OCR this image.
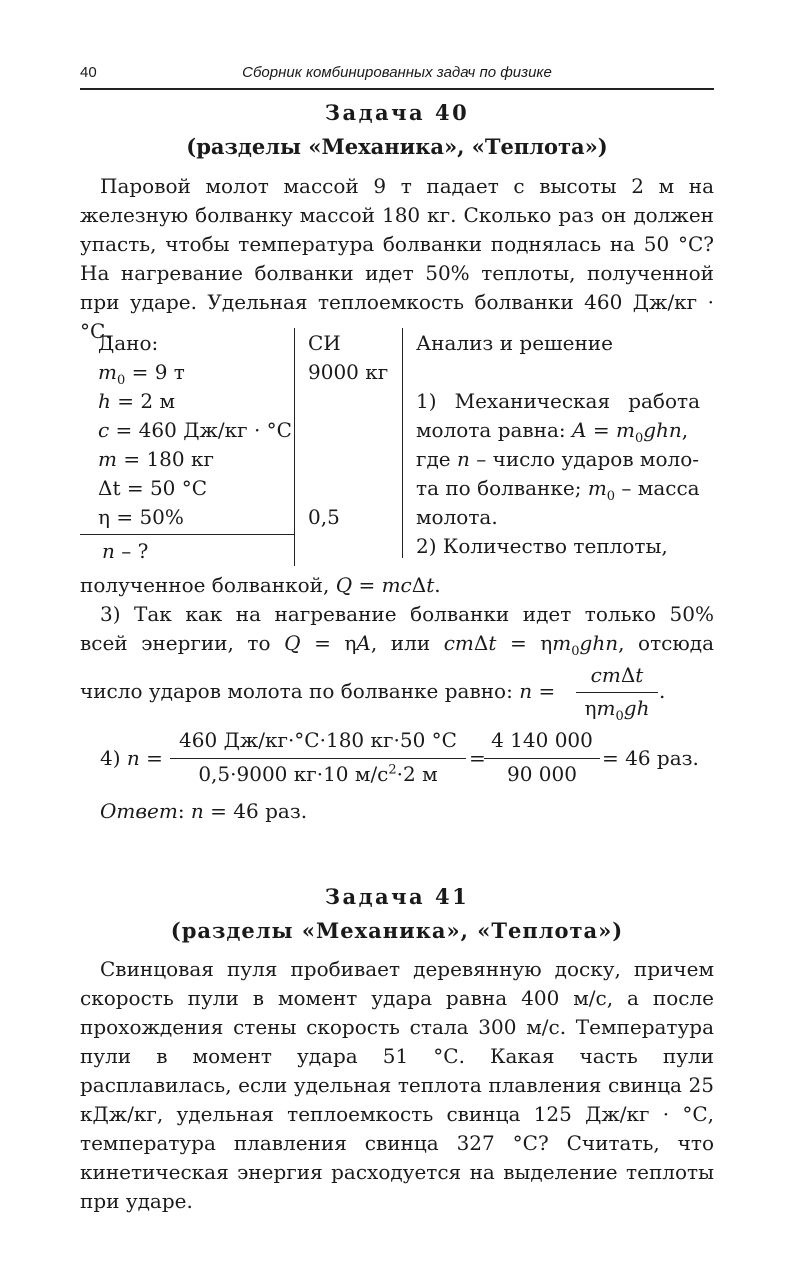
40	Сборник комбинированных задач по физике
Задача 40
(разделы «Механика», «Теплота»)

Паровой молот массой 9 т падает с высоты 2 м на железную болванку массой 180 кг. Сколько раз он должен упасть, чтобы температура болванки поднялась на 50 °С? На нагревание болванки идет 50% теплоты, полученной при ударе. Удельная теплоемкость болванки 460 Дж/кг · °С.

Дано:
$m_0 = 9$ т
h = 2 м
c = 460 Дж/кг · °С
m = 180 кг
Δt = 50 °С
η = 50%
n – ?
СИ
9000 кг
0,5
Анализ и решение
1) Механическая работа
молота равна: $A = m_0ghn$,
где n – число ударов моло-
та по болванке; $m_0$ – масса
молота.
2) Количество теплоты,
полученное болванкой, Q = mcΔt.
3) Так как на нагревание болванки идет только 50%
всей энергии, то Q = ηA, или $cm\Delta t = \eta m_0ghn$, отсюда
число ударов молота по болванке равно: n =
cmΔt
$\eta m_0gh$
.
4) n =
460 Дж/кг·°С·180 кг·50 °С
0,5·9000 кг·10 $м/с^2\cdot 2$ м
=
4 140 000
90 000
= 46 раз.
Ответ: n = 46 раз.
Задача 41
(разделы «Механика», «Теплота»)

Свинцовая пуля пробивает деревянную доску, причем скорость пули в момент удара равна 400 м/с, а после прохождения стены скорость стала 300 м/с. Температура пули в момент удара 51 °С. Какая часть пули расплавилась, если удельная теплота плавления свинца 25 кДж/кг, удельная теплоемкость свинца 125 Дж/кг · °С, температура плавления свинца 327 °С? Считать, что кинетическая энергия расходуется на выделение теплоты при ударе.
